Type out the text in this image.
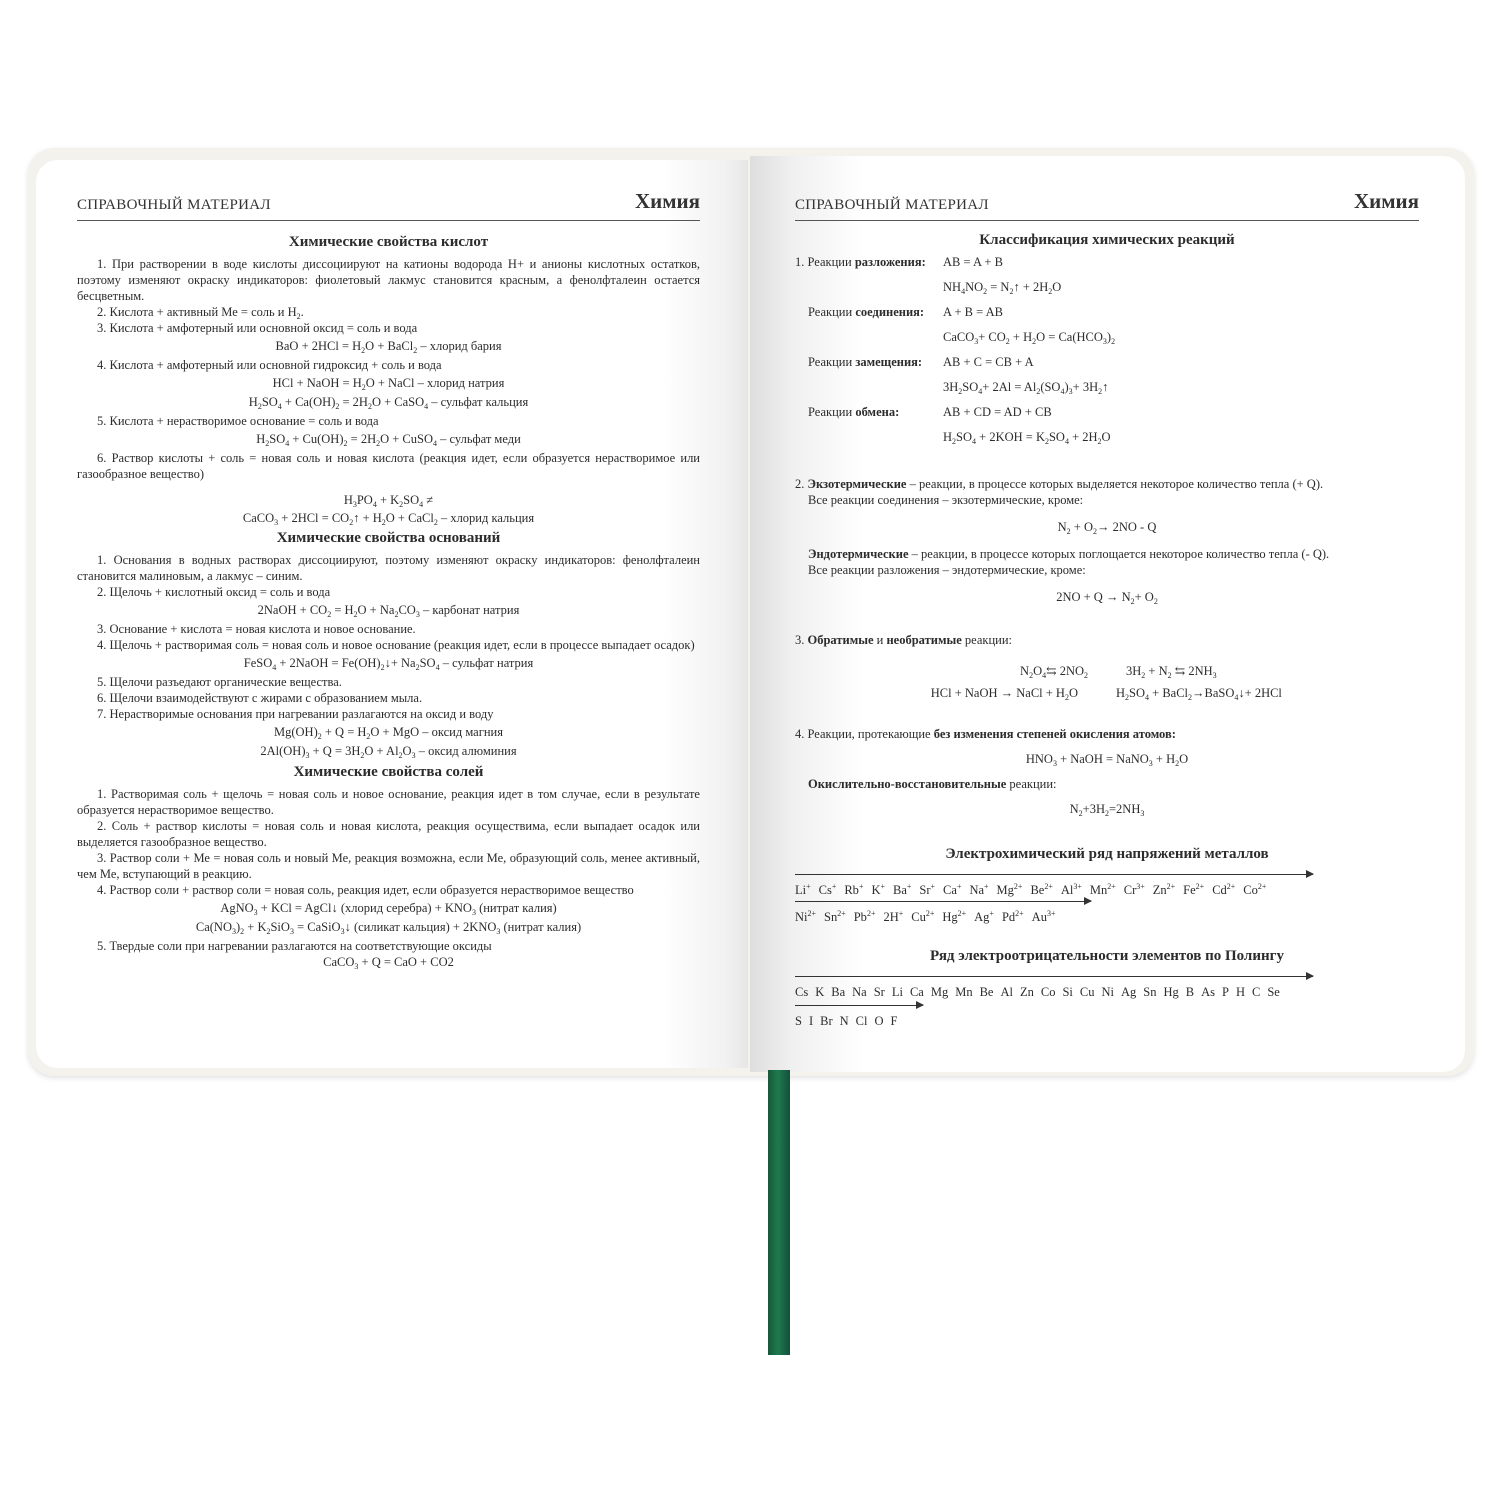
СПРАВОЧНЫЙ МАТЕРИАЛ	Химия
Химические свойства кислот

1. При растворении в воде кислоты диссоциируют на катионы водорода H+ и анионы кислотных остатков, поэтому изменяют окраску индикаторов: фиолетовый лакмус становится красным, а фенолфталеин остается бесцветным.

2. Кислота + активный Ме = соль и $H_2$.

3. Кислота + амфотерный или основной оксид = соль и вода

BaO + $2HCl = H_2O$ + BaCl$_2$ – хлорид бария

4. Кислота + амфотерный или основной гидроксид + соль и вода

HCl + NaOH = $H_2O$ + NaCl – хлорид натрия
$H_2SO_4 + Ca(OH)_2 = 2H_2O$ + CaSO$_4$ – сульфат кальция

5. Кислота + нерастворимое основание = соль и вода

$H_2SO_4 + Cu(OH)_2 = 2H_2O$ + CuSO$_4$ – сульфат меди

6. Раствор кислоты + соль = новая соль и новая кислота (реакция идет, если образуется нерастворимое или газообразное вещество)

$H_3PO_4 + K_2SO_4$ ≠
CaCO$_3$ + $2HCl = CO_2↑ + H_2O$ + CaCl$_2$ – хлорид кальция
Химические свойства оснований

1. Основания в водных растворах диссоциируют, поэтому изменяют окраску индикаторов: фенолфталеин становится малиновым, а лакмус – синим.

2. Щелочь + кислотный оксид = соль и вода

2NaOH + $CO_2 = H_2O + Na_2CO_3$ – карбонат натрия

3. Основание + кислота = новая кислота и новое основание.

4. Щелочь + растворимая соль = новая соль и новое основание (реакция идет, если в процессе выпадает осадок)

FeSO$_4$ + 2NaOH = $Fe(OH)_2↓+ Na_2SO_4$ – сульфат натрия

5. Щелочи разъедают органические вещества.

6. Щелочи взаимодействуют с жирами с образованием мыла.

7. Нерастворимые основания при нагревании разлагаются на оксид и воду

$Mg(OH)_2 + Q = H_2O$ + MgO – оксид магния
$2Al(OH)_3 + Q = 3H_2O + Al_2O_3$ – оксид алюминия
Химические свойства солей

1. Растворимая соль + щелочь = новая соль и новое основание, реакция идет в том случае, если в результате образуется нерастворимое вещество.

2. Соль + раствор кислоты = новая соль и новая кислота, реакция осуществима, если выпадает осадок или выделяется газообразное вещество.

3. Раствор соли + Ме = новая соль и новый Ме, реакция возможна, если Ме, образующий соль, менее активный, чем Ме, вступающий в реакцию.

4. Раствор соли + раствор соли = новая соль, реакция идет, если образуется нерастворимое вещество

AgNO$_3$ + KCl = AgCl↓ (хлорид серебра) + $KNO_3$ (нитрат калия)
$Ca(NO_3)_2 + K_2SiO_3$ = CaSiO$_3$↓ (силикат кальция) + $2KNO_3$ (нитрат калия)

5. Твердые соли при нагревании разлагаются на соответствующие оксиды

CaCO$_3$ + Q = CaO + CO2
СПРАВОЧНЫЙ МАТЕРИАЛ	Химия
Классификация химических реакций
1. Реакции разложения:	AB = A + B
$NH_4NO_2$ = $N_2↑ + 2H_2O$
Реакции соединения:	A + B = AB
CaCO$_3$+ $CO_2 + H_2O = Ca(HCO_3)_2$
Реакции замещения:	AB + C = CB + A
$3H_2SO_4+ 2Al = Al_2(SO_4)_3+$ $3H_2↑$
Реакции обмена:	AB + CD = AD + CB
$H_2SO_4 + 2KOH = K_2SO_4 + 2H_2O$

2. Экзотермические – реакции, в процессе которых выделяется некоторое количество тепла (+ Q).

Все реакции соединения – экзотермические, кроме:

$N_2 + O_2\to 2NO - Q$

Эндотермические – реакции, в процессе которых поглощается некоторое количество тепла (- Q).

Все реакции разложения – эндотермические, кроме:

$2NO + Q \to N_2+ O_2$

3. Обратимые и необратимые реакции:

$N_2O_4⇆$ $2NO_2$	$3H_2 + N_2$ ⇆ $2NH_3$
HCl + NaOH → NaCl + $H_2O$	$H_2SO_4$ + BaCl$_2$→BaSO$_4$↓+ 2HCl

4. Реакции, протекающие без изменения степеней окисления атомов:

$HNO_3$ + NaOH = NaNO$_3$ + $H_2O$

Окислительно-восстановительные реакции:

$N_2+3H_2=2NH_3$
Электрохимический ряд напряжений металлов
Li+ Cs+ Rb+ K+ Ba+ Sr+ Ca+ Na+ $Mg^{2+}$ $Be^{2+}$ $Al^{3+}$ $Mn^{2+}$ $Cr^{3+}$ $Zn^{2+}$ $Fe^{2+}$ $Cd^{2+}$ $Co^{2+}$
$Ni^{2+}$ $Sn^{2+}$ $Pb^{2+}$ 2H+ $Cu^{2+}$ $Hg^{2+}$ Ag+ $Pd^{2+}$ $Au^{3+}$
Ряд электроотрицательности элементов по Полингу
Cs K Ba Na Sr Li Ca Mg Mn Be Al Zn Co Si Cu Ni Ag Sn Hg B As P H C Se
S I Br N Cl O F
